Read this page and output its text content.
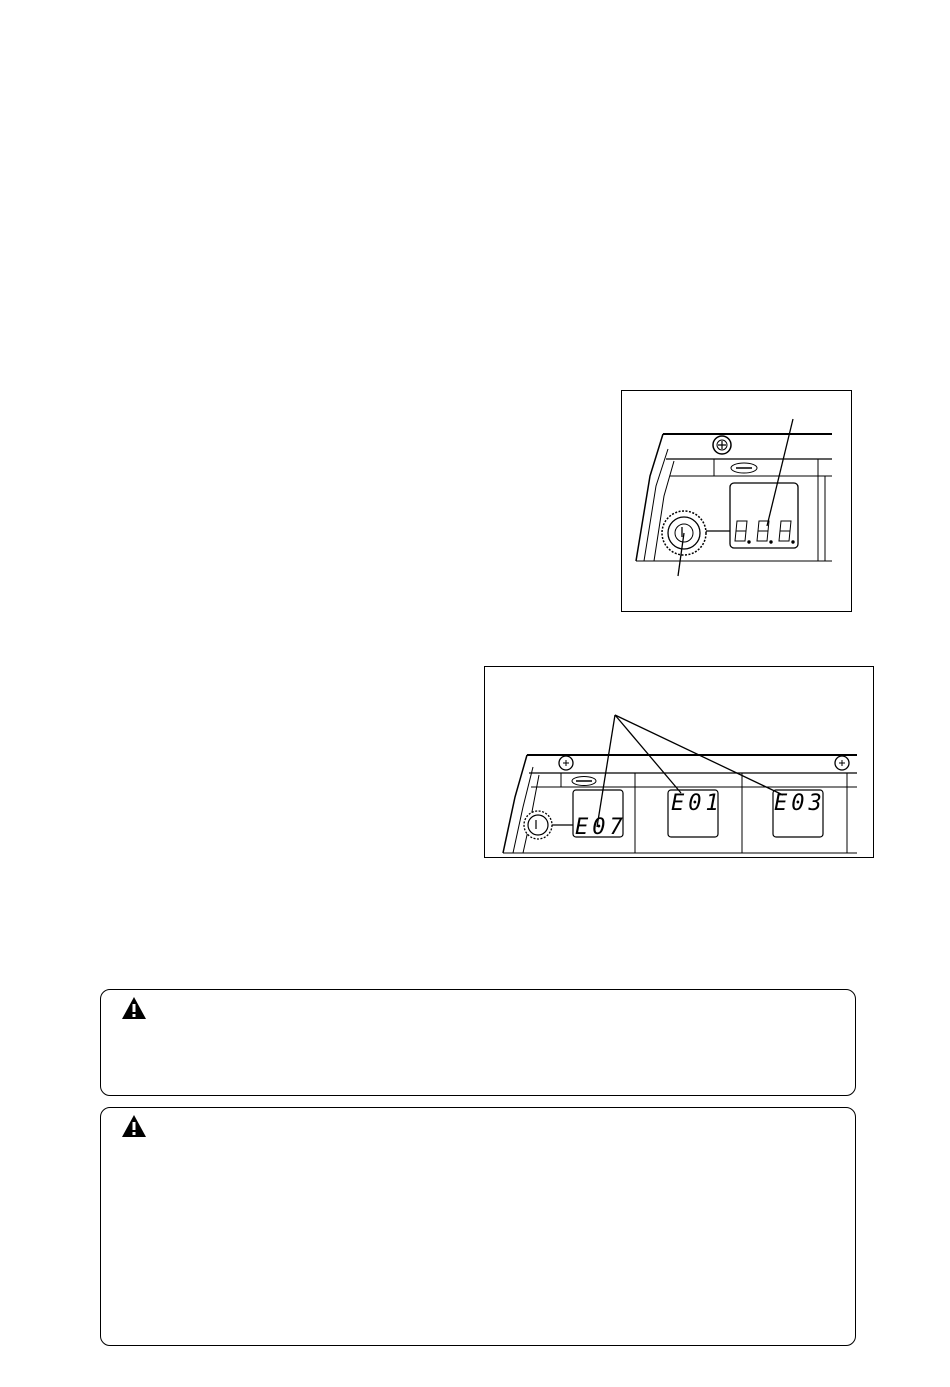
E07
E01 E03
